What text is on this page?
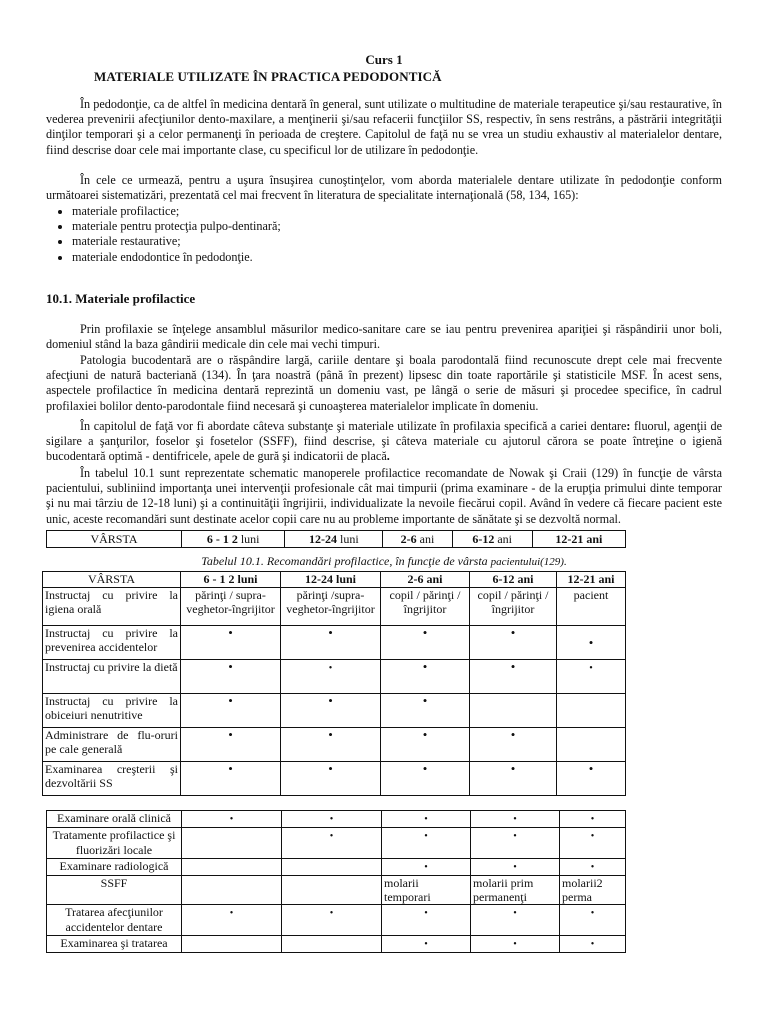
Curs 1
MATERIALE UTILIZATE ÎN PRACTICA PEDODONTICĂ

În pedodonţie, ca de altfel în medicina dentară în general, sunt utilizate o multitudine de materiale terapeutice şi/sau restaurative, în vederea prevenirii afecţiunilor dento-maxilare, a menţinerii şi/sau refacerii funcţiilor SS, respectiv, în sens restrâns, a păstrării integrităţii dinţilor temporari şi a celor permanenţi în perioada de creştere. Capitolul de faţă nu se vrea un studiu exhaustiv al materialelor dentare, fiind descrise doar cele mai importante clase, cu specificul lor de utilizare în pedodonţie.

În cele ce urmează, pentru a uşura însuşirea cunoştinţelor, vom aborda materialele dentare utilizate în pedodonţie conform următoarei sistematizări, prezentată cel mai frecvent în literatura de specialitate internaţională (58, 134, 165):

• materiale profilactice;
• materiale pentru protecţia pulpo-dentinară;
• materiale restaurative;
• materiale endodontice în pedodonţie.
10.1. Materiale profilactice

Prin profilaxie se înţelege ansamblul măsurilor medico-sanitare care se iau pentru prevenirea apariţiei şi răspândirii unor boli, domeniul stând la baza gândirii medicale din cele mai vechi timpuri.

Patologia bucodentară are o răspândire largă, cariile dentare şi boala parodontală fiind recunoscute drept cele mai frecvente afecţiuni de natură bacteriană (134). În ţara noastră (până în prezent) lipsesc din toate raportările şi statisticile MSF. În acest sens, aspectele profilactice în medicina dentară reprezintă un domeniu vast, pe lângă o serie de măsuri şi procedee specifice, în cadrul profilaxiei bolilor dento-parodontale fiind necesară şi cunoaşterea materialelor implicate în domeniu.

În capitolul de faţă vor fi abordate câteva substanţe şi materiale utilizate în profilaxia specifică a cariei dentare: fluorul, agenţii de sigilare a şanţurilor, foselor şi fosetelor (SSFF), fiind descrise, şi câteva materiale cu ajutorul cărora se poate întreţine o igienă bucodentară optimă - dentifricele, apele de gură şi indicatorii de placă.

În tabelul 10.1 sunt reprezentate schematic manoperele profilactice recomandate de Nowak şi Craii (129) în funcţie de vârsta pacientului, subliniind importanţa unei intervenţii profesionale cât mai timpurii (prima examinare - de la erupţia primului dinte temporar şi nu mai târziu de 12-18 luni) şi a continuităţii îngrijirii, individualizate la nevoile fiecărui copil. Având în vedere că fiecare pacient este unic, aceste recomandări sunt destinate acelor copii care nu au probleme importante de sănătate şi se dezvoltă normal.

VÂRSTA	6 - 1 2 luni	12-24 luni	2-6 ani	6-12 ani	12-21 ani
Tabelul 10.1. Recomandări profilactice, în funcţie de vârsta pacientului(129).
VÂRSTA	6 - 1 2 luni	12-24 luni	2-6 ani	6-12 ani	12-21 ani
Instructaj cu privire la igiena orală	părinţi / supra-veghetor-îngrijitor	părinţi /supra-veghetor-îngrijitor	copil / părinţi / îngrijitor	copil / părinţi / îngrijitor	pacient
Instructaj cu privire la prevenirea accidentelor	•	•	•	•	•
Instructaj cu privire la dietă	•	•	•	•	•
Instructaj cu privire la obiceiuri nenutritive	•	•	•		
Administrare de flu-oruri pe cale generală	•	•	•	•	
Examinarea creşterii şi dezvoltării SS	•	•	•	•	•
Examinare orală clinică	•	•	•	•	•
Tratamente profilactice şi fluorizări locale		•	•	•	•
Examinare radiologică			•	•	•
SSFF			molarii temporari	molarii prim permanenţi	molarii2 perma
Tratarea afecţiunilor accidentelor dentare	•	•	•	•	•
Examinarea şi tratarea			•	•	•
